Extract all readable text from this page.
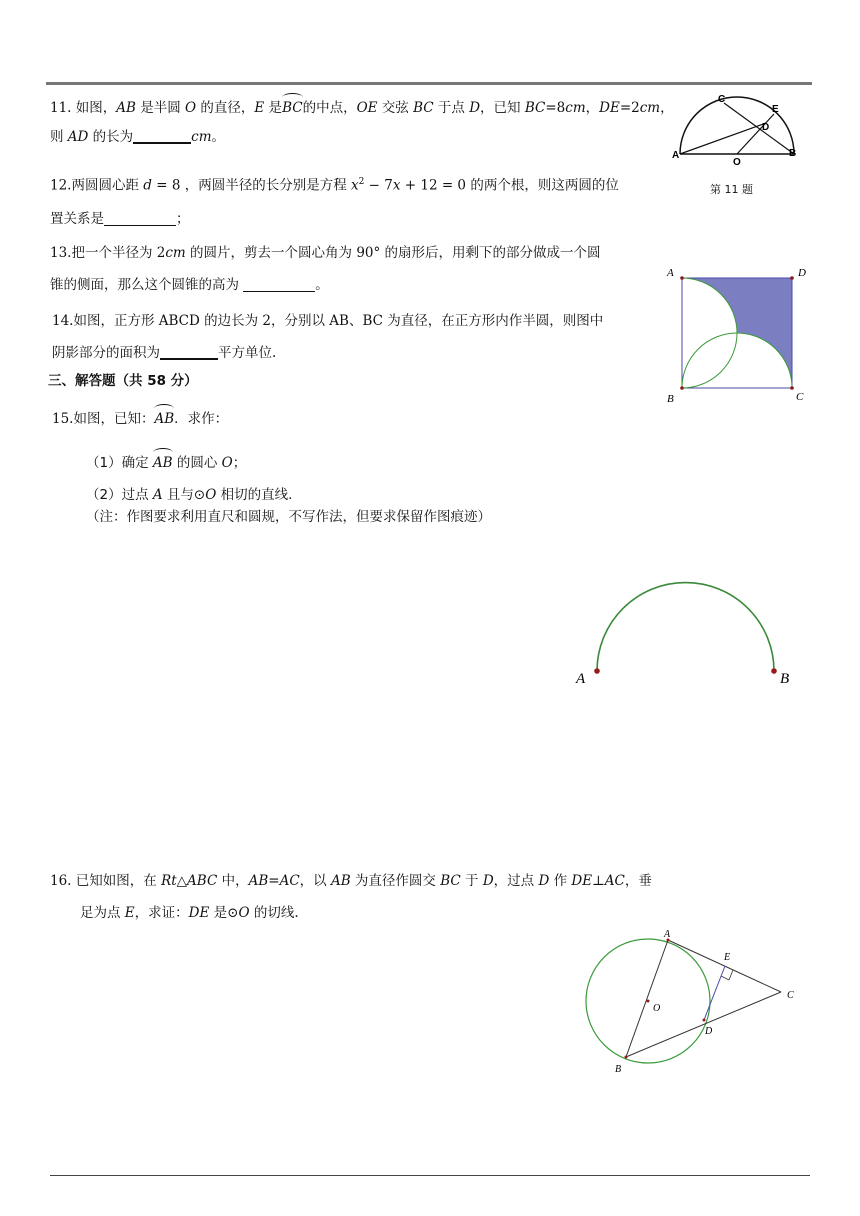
11. 如图，AB 是半圆 O 的直径，E 是BC的中点，OE 交弦 BC 于点 D，已知 BC=8cm，DE=2cm，
则 AD 的长为	cm。
C
E
D
A
O
B
第 11 题
12.两圆圆心距 d = 8 ，两圆半径的长分别是方程 $x^2 - 7x + 12 = 0$ 的两个根，则这两圆的位
置关系是	；
13.把一个半径为 2cm 的圆片，剪去一个圆心角为 90° 的扇形后，用剩下的部分做成一个圆
锥的侧面，那么这个圆锥的高为	。
A	D
B	C
14.如图，正方形 ABCD 的边长为 2，分别以 AB、BC 为直径，在正方形内作半圆，则图中
阴影部分的面积为	平方单位.
三、解答题（共 58 分）
15.如图，已知：AB．求作：
（1）确定 AB 的圆心 O；
（2）过点 A 且与⊙O 相切的直线.
（注：作图要求利用直尺和圆规，不写作法，但要求保留作图痕迹）
A	B
16. 已知如图，在 Rt△ABC 中，AB=AC，以 AB 为直径作圆交 BC 于 D，过点 D 作 DE⊥AC，垂
足为点 E，求证：DE 是⊙O 的切线.
A
E
O
C
D
B
